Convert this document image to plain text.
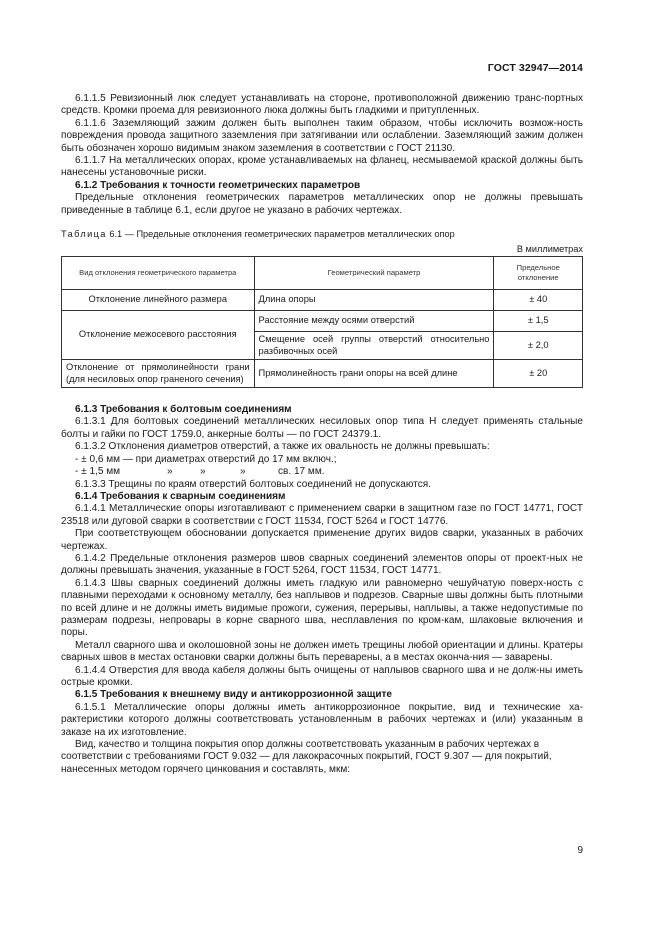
ГОСТ 32947—2014

6.1.1.5 Ревизионный люк следует устанавливать на стороне, противоположной движению транс-портных средств. Кромки проема для ревизионного люка должны быть гладкими и притупленных.

6.1.1.6 Заземляющий зажим должен быть выполнен таким образом, чтобы исключить возмож-ность повреждения провода защитного заземления при затягивании или ослаблении. Заземляющий зажим должен быть обозначен хорошо видимым знаком заземления в соответствии с ГОСТ 21130.

6.1.1.7 На металлических опорах, кроме устанавливаемых на фланец, несмываемой краской должны быть нанесены установочные риски.

6.1.2 Требования к точности геометрических параметров

Предельные отклонения геометрических параметров металлических опор не должны превышать приведенные в таблице 6.1, если другое не указано в рабочих чертежах.

Таблица 6.1 — Предельные отклонения геометрических параметров металлических опор

В миллиметрах
Вид отклонения геометрического параметра	Геометрический параметр	Предельное отклонение
Отклонение линейного размера	Длина опоры	± 40
Отклонение межосевого расстояния	Расстояние между осями отверстий	± 1,5
	Смещение осей группы отверстий относительно разбивочных осей	± 2,0
Отклонение от прямолинейности грани (для несиловых опор граненого сечения)	Прямолинейность грани опоры на всей длине	± 20

6.1.3 Требования к болтовым соединениям

6.1.3.1 Для болтовых соединений металлических несиловых опор типа Н следует применять стальные болты и гайки по ГОСТ 1759.0, анкерные болты — по ГОСТ 24379.1.

6.1.3.2 Отклонения диаметров отверстий, а также их овальность не должны превышать:

- ± 0,6 мм — при диаметрах отверстий до 17 мм включ.;

- ± 1,5 мм	»	»	»	св. 17 мм.

6.1.3.3 Трещины по краям отверстий болтовых соединений не допускаются.

6.1.4 Требования к сварным соединениям

6.1.4.1 Металлические опоры изготавливают с применением сварки в защитном газе по ГОСТ 14771, ГОСТ 23518 или дуговой сварки в соответствии с ГОСТ 11534, ГОСТ 5264 и ГОСТ 14776.

При соответствующем обосновании допускается применение других видов сварки, указанных в рабочих чертежах.

6.1.4.2 Предельные отклонения размеров швов сварных соединений элементов опоры от проект-ных не должны превышать значения, указанные в ГОСТ 5264, ГОСТ 11534, ГОСТ 14771.

6.1.4.3 Швы сварных соединений должны иметь гладкую или равномерно чешуйчатую поверх-ность с плавными переходами к основному металлу, без наплывов и подрезов. Сварные швы должны быть плотными по всей длине и не должны иметь видимые прожоги, сужения, перерывы, наплывы, а также недопустимые по размерам подрезы, непровары в корне сварного шва, несплавления по кром-кам, шлаковые включения и поры.

Металл сварного шва и околошовной зоны не должен иметь трещины любой ориентации и длины. Кратеры сварных швов в местах остановки сварки должны быть переварены, а в местах оконча-ния — заварены.

6.1.4.4 Отверстия для ввода кабеля должны быть очищены от наплывов сварного шва и не долж-ны иметь острые кромки.

6.1.5 Требования к внешнему виду и антикоррозионной защите

6.1.5.1 Металлические опоры должны иметь антикоррозионное покрытие, вид и технические ха-рактеристики которого должны соответствовать установленным в рабочих чертежах и (или) указанным в заказе на их изготовление.

Вид, качество и толщина покрытия опор должны соответствовать указанным в рабочих чертежах в соответствии с требованиями ГОСТ 9.032 — для лакокрасочных покрытий, ГОСТ 9.307 — для покрытий, нанесенных методом горячего цинкования и составлять, мкм:

9
